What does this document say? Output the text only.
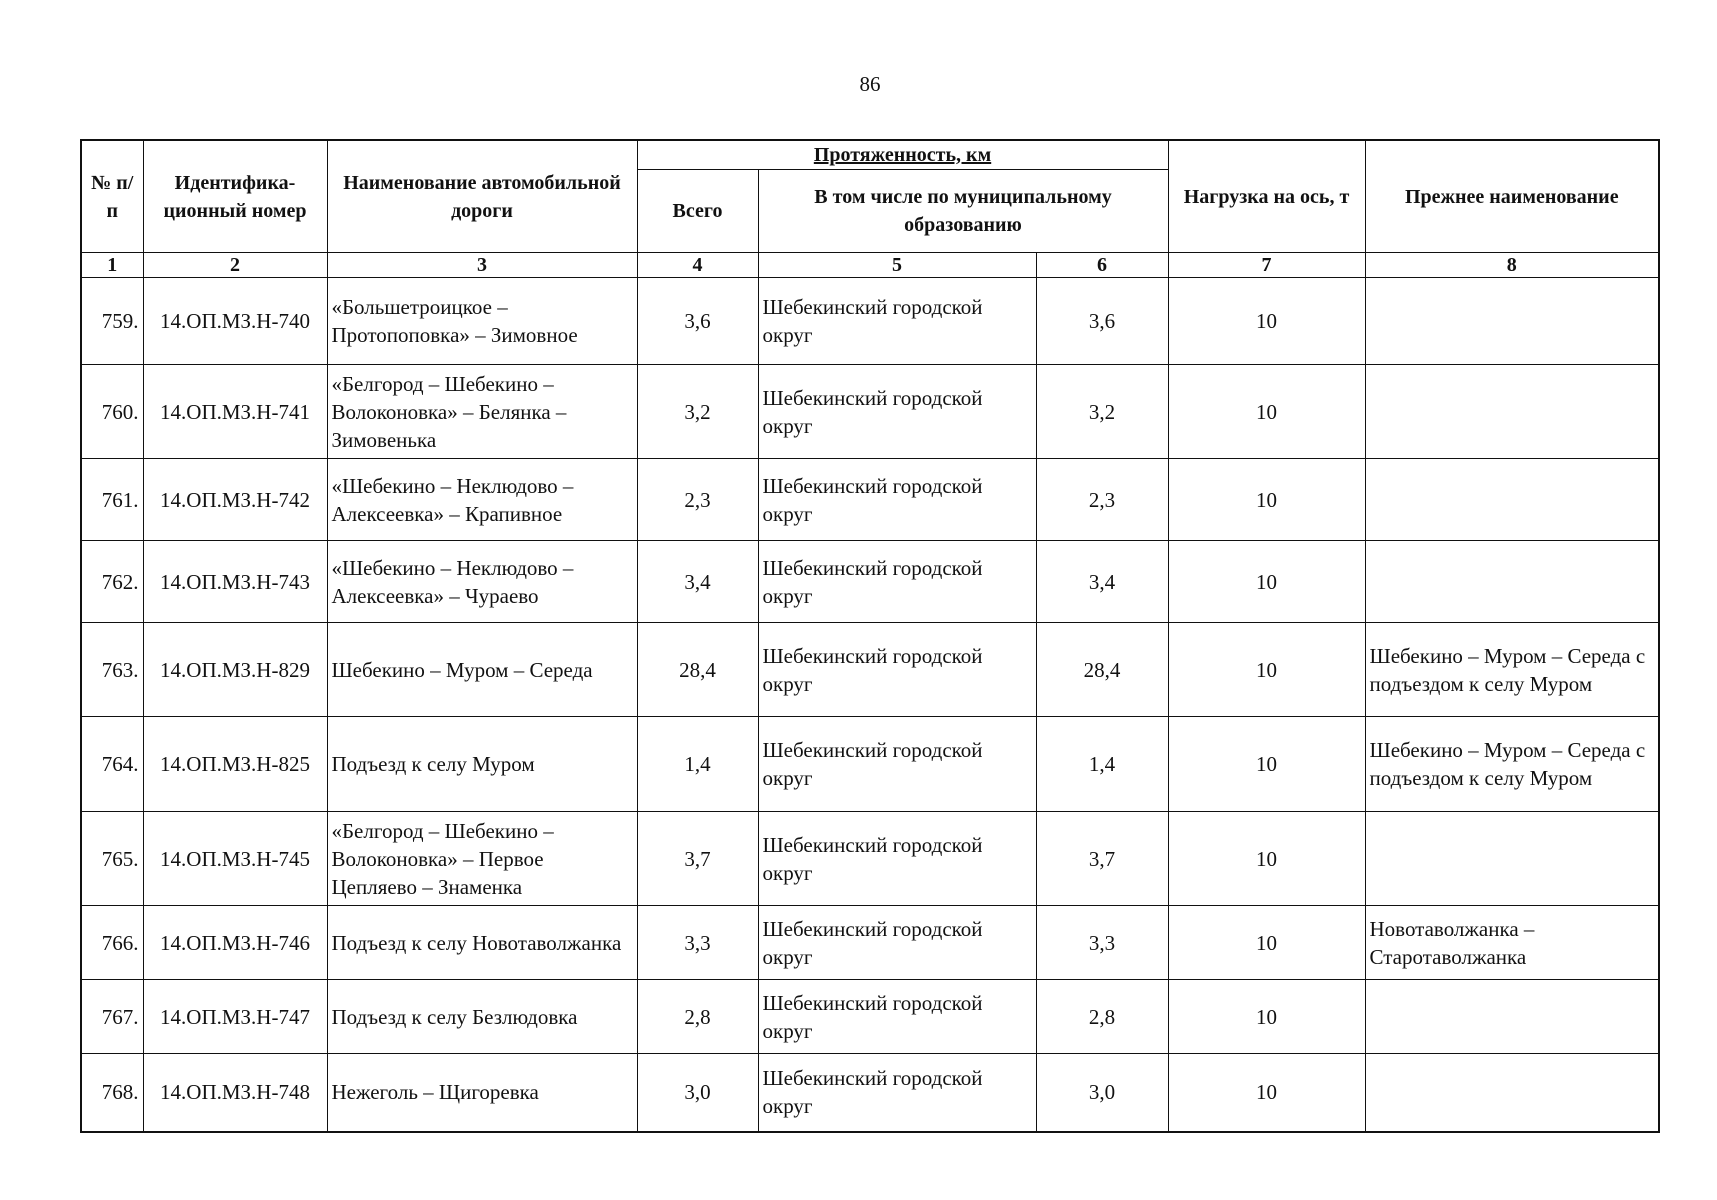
86
№ п/п	Идентифика-ционный номер	Наименование автомобильной дороги	Протяженность, км			Нагрузка на ось, т	Прежнее наименование
			Всего	В том числе по муниципальному образованию			
1	2	3	4	5	6	7	8
759.	14.ОП.МЗ.Н-740	«Большетроицкое – Протопоповка» – Зимовное	3,6	Шебекинский городской округ	3,6	10	
760.	14.ОП.МЗ.Н-741	«Белгород – Шебекино – Волоконовка» – Белянка – Зимовенька	3,2	Шебекинский городской округ	3,2	10	
761.	14.ОП.МЗ.Н-742	«Шебекино – Неклюдово – Алексеевка» – Крапивное	2,3	Шебекинский городской округ	2,3	10	
762.	14.ОП.МЗ.Н-743	«Шебекино – Неклюдово – Алексеевка» – Чураево	3,4	Шебекинский городской округ	3,4	10	
763.	14.ОП.МЗ.Н-829	Шебекино – Муром – Середа	28,4	Шебекинский городской округ	28,4	10	Шебекино – Муром – Середа с подъездом к селу Муром
764.	14.ОП.МЗ.Н-825	Подъезд к селу Муром	1,4	Шебекинский городской округ	1,4	10	Шебекино – Муром – Середа с подъездом к селу Муром
765.	14.ОП.МЗ.Н-745	«Белгород – Шебекино – Волоконовка» – Первое Цепляево – Знаменка	3,7	Шебекинский городской округ	3,7	10	
766.	14.ОП.МЗ.Н-746	Подъезд к селу Новотаволжанка	3,3	Шебекинский городской округ	3,3	10	Новотаволжанка – Старотаволжанка
767.	14.ОП.МЗ.Н-747	Подъезд к селу Безлюдовка	2,8	Шебекинский городской округ	2,8	10	
768.	14.ОП.МЗ.Н-748	Нежеголь – Щигоревка	3,0	Шебекинский городской округ	3,0	10	
